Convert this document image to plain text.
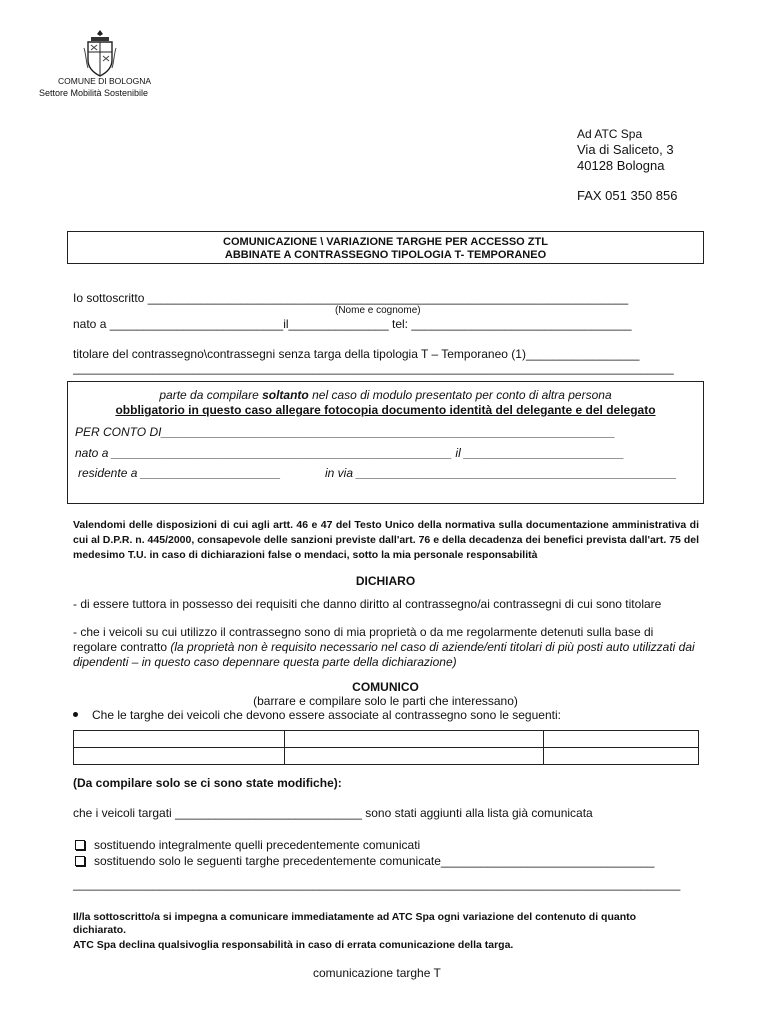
COMUNE DI BOLOGNA
Settore Mobilità Sostenibile
Ad ATC Spa
Via di Saliceto, 3
40128 Bologna
FAX 051 350 856
COMUNICAZIONE \ VARIAZIONE TARGHE PER ACCESSO ZTL
ABBINATE A CONTRASSEGNO TIPOLOGIA T- TEMPORANEO
Io sottoscritto ________________________________________________________________________
(Nome e cognome)
nato a __________________________il_______________ tel: _________________________________
titolare del contrassegno\contrassegni senza targa della tipologia T – Temporaneo (1)_________________
__________________________________________________________________________________________
parte da compilare soltanto nel caso di modulo presentato per conto di altra persona
obbligatorio in questo caso allegare fotocopia documento identità del delegante e del delegato
PER CONTO DI____________________________________________________________________
nato a ___________________________________________________ il ________________________
residente a _____________________	in via ________________________________________________
Valendomi delle disposizioni di cui agli artt. 46 e 47 del Testo Unico della normativa sulla documentazione amministrativa di cui al D.P.R. n. 445/2000, consapevole delle sanzioni previste dall'art. 76 e della decadenza dei benefici prevista dall'art. 75 del medesimo T.U. in caso di dichiarazioni false o mendaci, sotto la mia personale responsabilità
DICHIARO
- di essere tuttora in possesso dei requisiti che danno diritto al contrassegno/ai contrassegni di cui sono titolare
- che i veicoli su cui utilizzo il contrassegno sono di mia proprietà o da me regolarmente detenuti sulla base di regolare contratto (la proprietà non è requisito necessario nel caso di aziende/enti titolari di più posti auto utilizzati dai dipendenti – in questo caso depennare questa parte della dichiarazione)
COMUNICO
(barrare e compilare solo le parti che interessano)
Che le targhe dei veicoli che devono essere associate al contrassegno sono le seguenti:

(Da compilare solo se ci sono state modifiche):
che i veicoli targati ____________________________ sono stati aggiunti alla lista già comunicata
sostituendo integralmente quelli precedentemente comunicati
sostituendo solo le seguenti targhe precedentemente comunicate________________________________
___________________________________________________________________________________________
Il/la sottoscritto/a si impegna a comunicare immediatamente ad ATC Spa ogni variazione del contenuto di quanto dichiarato.
ATC Spa declina qualsivoglia responsabilità in caso di errata comunicazione della targa.
comunicazione targhe T
